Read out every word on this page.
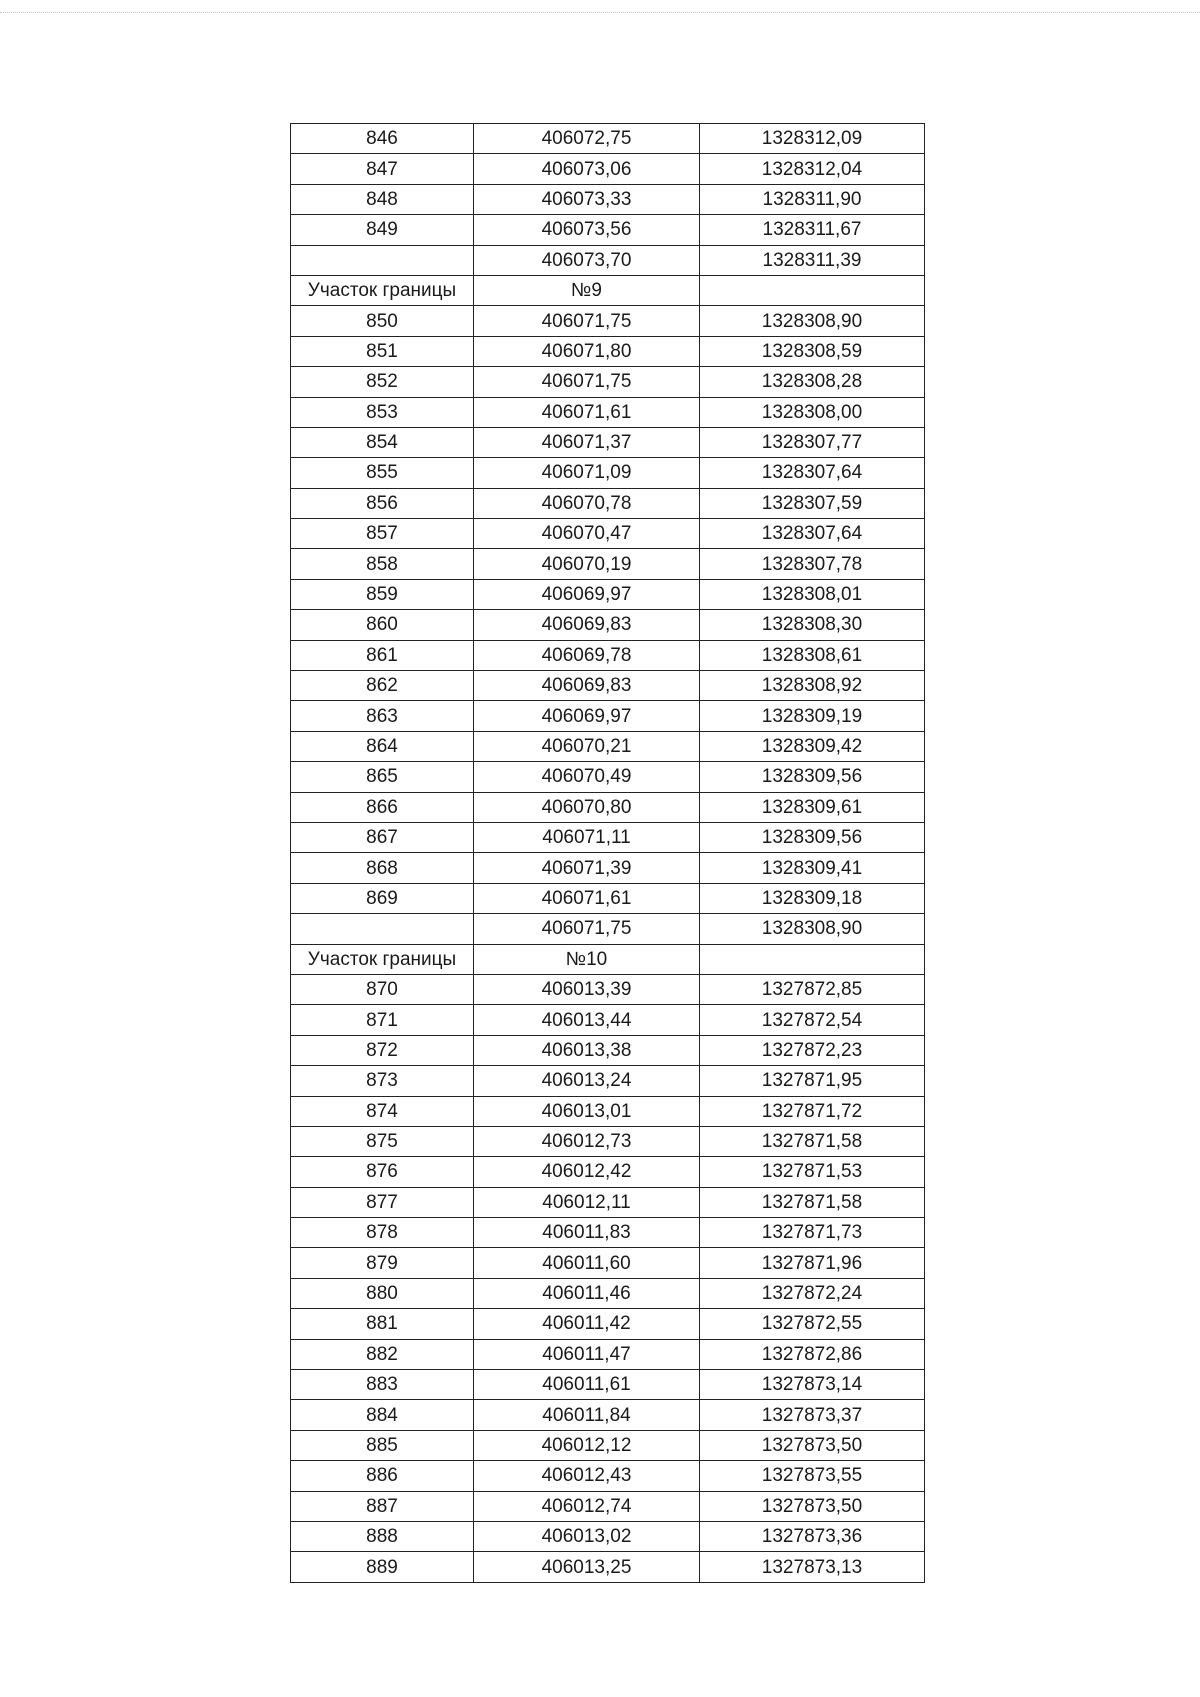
846	406072,75	1328312,09
847	406073,06	1328312,04
848	406073,33	1328311,90
849	406073,56	1328311,67
	406073,70	1328311,39
Участок границы	№9	
850	406071,75	1328308,90
851	406071,80	1328308,59
852	406071,75	1328308,28
853	406071,61	1328308,00
854	406071,37	1328307,77
855	406071,09	1328307,64
856	406070,78	1328307,59
857	406070,47	1328307,64
858	406070,19	1328307,78
859	406069,97	1328308,01
860	406069,83	1328308,30
861	406069,78	1328308,61
862	406069,83	1328308,92
863	406069,97	1328309,19
864	406070,21	1328309,42
865	406070,49	1328309,56
866	406070,80	1328309,61
867	406071,11	1328309,56
868	406071,39	1328309,41
869	406071,61	1328309,18
	406071,75	1328308,90
Участок границы	№10	
870	406013,39	1327872,85
871	406013,44	1327872,54
872	406013,38	1327872,23
873	406013,24	1327871,95
874	406013,01	1327871,72
875	406012,73	1327871,58
876	406012,42	1327871,53
877	406012,11	1327871,58
878	406011,83	1327871,73
879	406011,60	1327871,96
880	406011,46	1327872,24
881	406011,42	1327872,55
882	406011,47	1327872,86
883	406011,61	1327873,14
884	406011,84	1327873,37
885	406012,12	1327873,50
886	406012,43	1327873,55
887	406012,74	1327873,50
888	406013,02	1327873,36
889	406013,25	1327873,13
